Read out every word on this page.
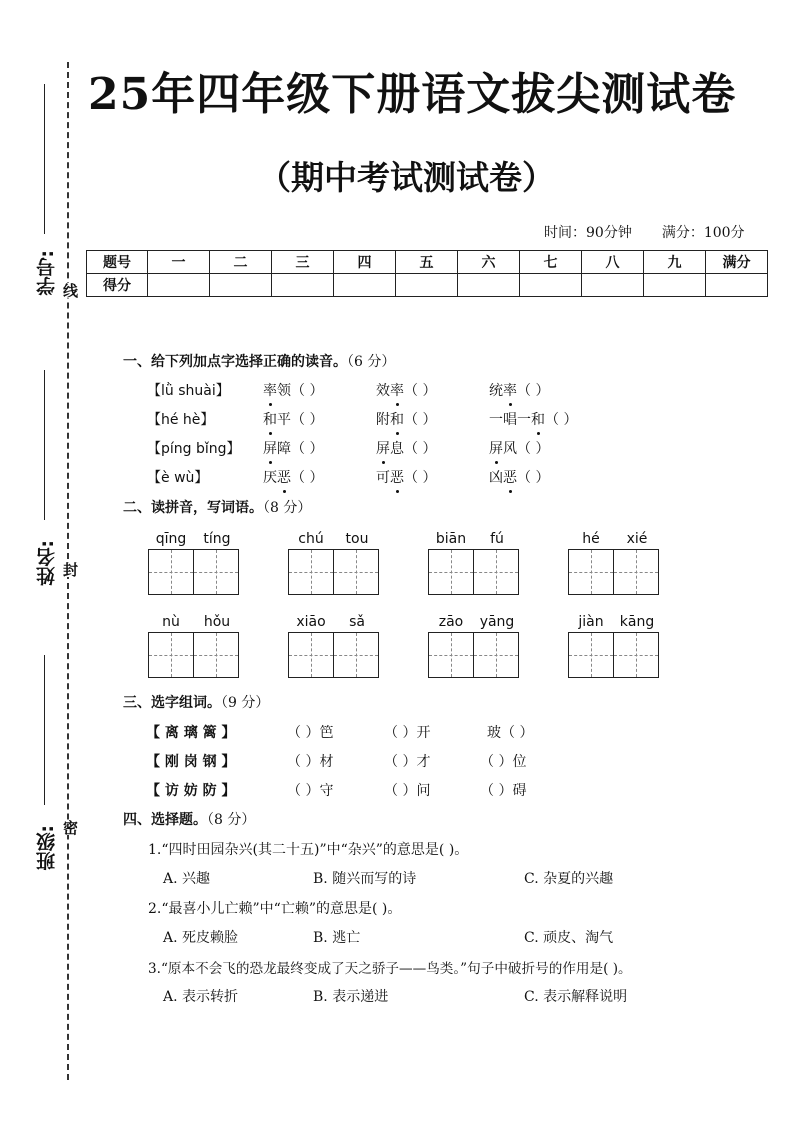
学号:
姓名:
班级:
线
封
密
25年四年级下册语文拔尖测试卷
（期中考试测试卷）
时间：90分钟 满分：100分
题号	一	二	三	四	五	六	七	八	九	满分
得分										
一、给下列加点字选择正确的读音。（6 分）
【lǜ shuài】 率领（ ）	效率（ ）	统率（ ）
【hé hè】	和平（ ）	附和（ ）	一唱一和（ ）
【píng bǐng】 屏障（ ）	屏息（ ）	屏风（ ）
【è wù】	厌恶（ ）	可恶（ ）	凶恶（ ）
二、读拼音，写词语。（8 分）
qīng	tíng	chú	tou	biān	fú	hé	xié
nù	hǒu	xiāo	sǎ	zāo	yāng	jiàn	kāng
三、选字组词。（9 分）
【 离 璃 篱 】	（ ）笆	（ ）开	玻（ ）
【 刚 岗 钢 】	（ ）材	（ ）才	（ ）位
【 访 妨 防 】	（ ）守	（ ）问	（ ）碍
四、选择题。（8 分）
1.“四时田园杂兴(其二十五)”中“杂兴”的意思是( )。
A. 兴趣	B. 随兴而写的诗	C. 杂夏的兴趣
2.“最喜小儿亡赖”中“亡赖”的意思是( )。
A. 死皮赖脸	B. 逃亡	C. 顽皮、淘气
3.“原本不会飞的恐龙最终变成了天之骄子——鸟类。”句子中破折号的作用是( )。
A. 表示转折	B. 表示递进	C. 表示解释说明
